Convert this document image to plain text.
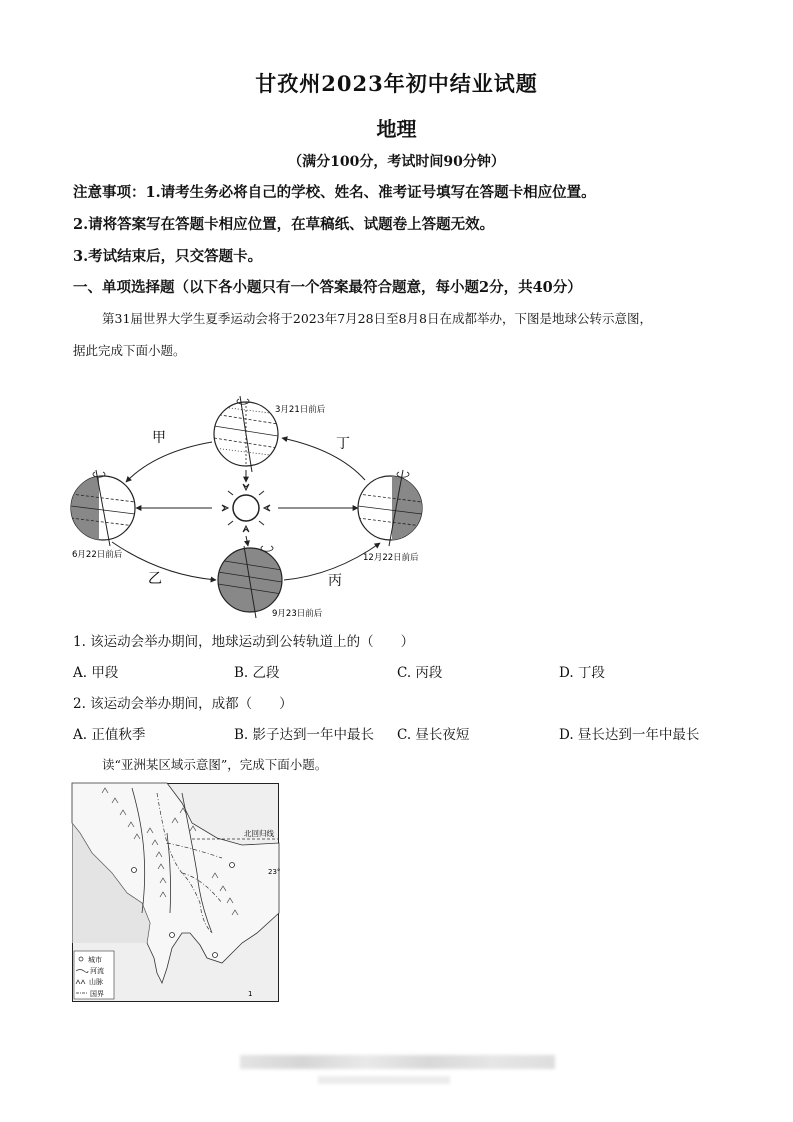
甘孜州2023年初中结业试题
地理
（满分100分，考试时间90分钟）
注意事项：1.请考生务必将自己的学校、姓名、准考证号填写在答题卡相应位置。
2.请将答案写在答题卡相应位置，在草稿纸、试题卷上答题无效。
3.考试结束后，只交答题卡。
一、单项选择题（以下各小题只有一个答案最符合题意，每小题2分，共40分）
第31届世界大学生夏季运动会将于2023年7月28日至8月8日在成都举办，下图是地球公转示意图，
据此完成下面小题。
甲
乙	丙
丁
3月21日前后
6月22日前后
9月23日前后
12月22日前后
1. 该运动会举办期间，地球运动到公转轨道上的（　　）
A. 甲段	B. 乙段	C. 丙段	D. 丁段
2. 该运动会举办期间，成都（　　）
A. 正值秋季	B. 影子达到一年中最长 C. 昼长夜短	D. 昼长达到一年中最长
读“亚洲某区域示意图”，完成下面小题。
北回归线
23°
城市
河流
山脉
国界	1
